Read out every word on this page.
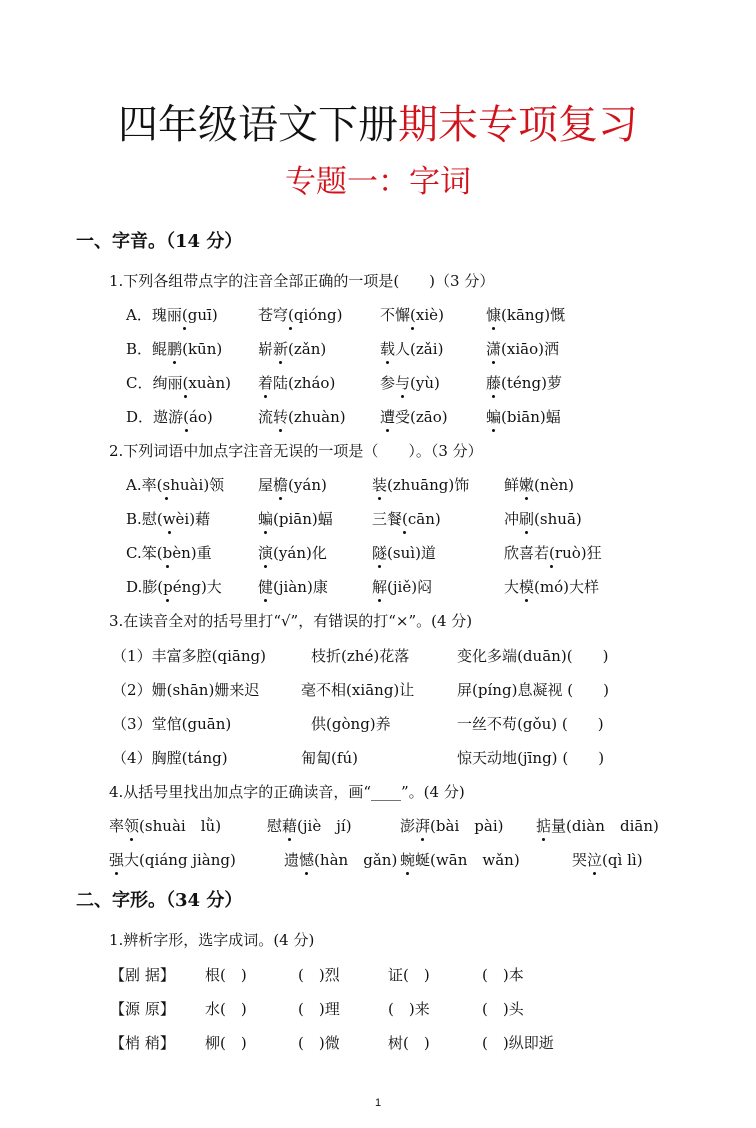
四年级语文下册期末专项复习
专题一：字词
一、字音。（14 分）
1.下列各组带点字的注音全部正确的一项是(　　)（3 分）
A．瑰丽(guī)	苍穹(qióng)	不懈(xiè)	慷(kāng)慨
B．鲲鹏(kūn) 崭新(zǎn)	载人(zǎi)	潇(xiāo)洒
C．绚丽(xuàn) 着陆(zháo)	参与(yù)	藤(téng)萝
D．遨游(áo)	流转(zhuàn) 遭受(zāo)	蝙(biān)蝠
2.下列词语中加点字注音无误的一项是（　　）。（3 分）
A.率(shuài)领 屋檐(yán)	装(zhuāng)饰 鲜嫩(nèn)
B.慰(wèi)藉	蝙(piān)蝠	三餐(cān)	冲刷(shuā)
C.笨(bèn)重	演(yán)化	隧(suì)道	欣喜若(ruò)狂
D.膨(péng)大 健(jiàn)康	解(jiě)闷	大模(mó)大样
3.在读音全对的括号里打“√”，有错误的打“×”。(4 分)
（1）丰富多腔(qiāng)	枝折(zhé)花落	变化多端(duān)(　　 )
（2）姗(shān)姗来迟	毫不相(xiāng)让	屏(píng)息凝视 (　　 )
（3）堂倌(guān)	供(gòng)养	一丝不苟(gǒu) (　　 )
（4）胸膛(táng)	匍匐(fú)	惊天动地(jīng) (　　 )
4.从括号里找出加点字的正确读音，画“____”。(4 分)
率领(shuài　 lǜ)	慰藉(jiè　 jí)	澎湃(bài　 pài) 掂量(diàn　 diān)
强大(qiáng jiàng)	遗憾(hàn　 gǎn) 蜿蜒(wān　 wǎn)	哭泣(qì lì)
二、字形。（34 分）
1.辨析字形，选字成词。(4 分)
【剧 据】 根(　 )	(　 )烈	证(　 )	(　 )本
【源 原】 水(　 )	(　 )理	(　 )来	(　 )头
【梢 稍】 柳(　 )	(　 )微	树(　 )	(　 )纵即逝
1
